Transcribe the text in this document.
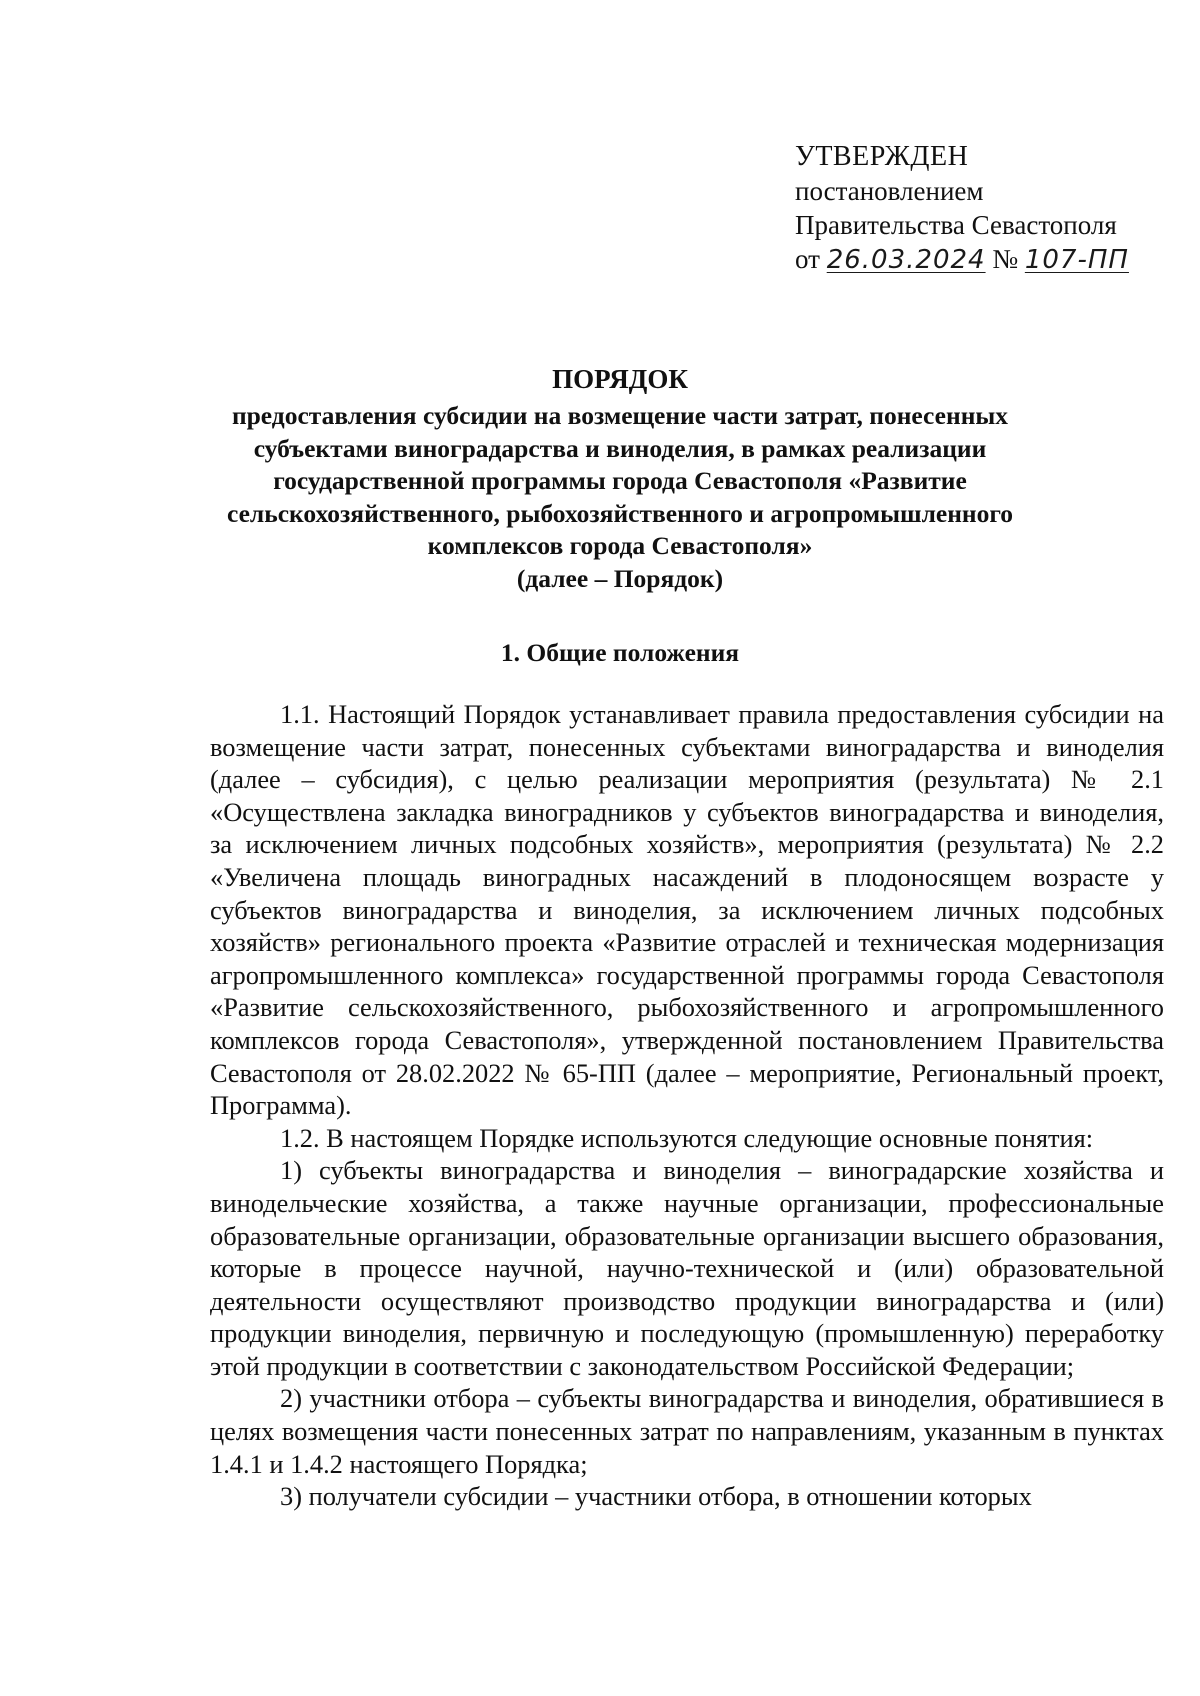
УТВЕРЖДЕН
постановлением
Правительства Севастополя
от 26.03.2024 № 107-ПП
ПОРЯДОК
предоставления субсидии на возмещение части затрат, понесенных
субъектами виноградарства и виноделия, в рамках реализации
государственной программы города Севастополя «Развитие
сельскохозяйственного, рыбохозяйственного и агропромышленного
комплексов города Севастополя»
(далее – Порядок)
1. Общие положения

1.1. Настоящий Порядок устанавливает правила предоставления субсидии на возмещение части затрат, понесенных субъектами виноградарства и виноделия (далее – субсидия), с целью реализации мероприятия (результата) № 2.1 «Осуществлена закладка виноградников у субъектов виноградарства и виноделия, за исключением личных подсобных хозяйств», мероприятия (результата) № 2.2 «Увеличена площадь виноградных насаждений в плодоносящем возрасте у субъектов виноградарства и виноделия, за исключением личных подсобных хозяйств» регионального проекта «Развитие отраслей и техническая модернизация агропромышленного комплекса» государственной программы города Севастополя «Развитие сельскохозяйственного, рыбохозяйственного и агропромышленного комплексов города Севастополя», утвержденной постановлением Правительства Севастополя от 28.02.2022 № 65-ПП (далее – мероприятие, Региональный проект, Программа).

1.2. В настоящем Порядке используются следующие основные понятия:

1) субъекты виноградарства и виноделия – виноградарские хозяйства и винодельческие хозяйства, а также научные организации, профессиональные образовательные организации, образовательные организации высшего образования, которые в процессе научной, научно-технической и (или) образовательной деятельности осуществляют производство продукции виноградарства и (или) продукции виноделия, первичную и последующую (промышленную) переработку этой продукции в соответствии с законодательством Российской Федерации;

2) участники отбора – субъекты виноградарства и виноделия, обратившиеся в целях возмещения части понесенных затрат по направлениям, указанным в пунктах 1.4.1 и 1.4.2 настоящего Порядка;

3) получатели субсидии – участники отбора, в отношении которых
